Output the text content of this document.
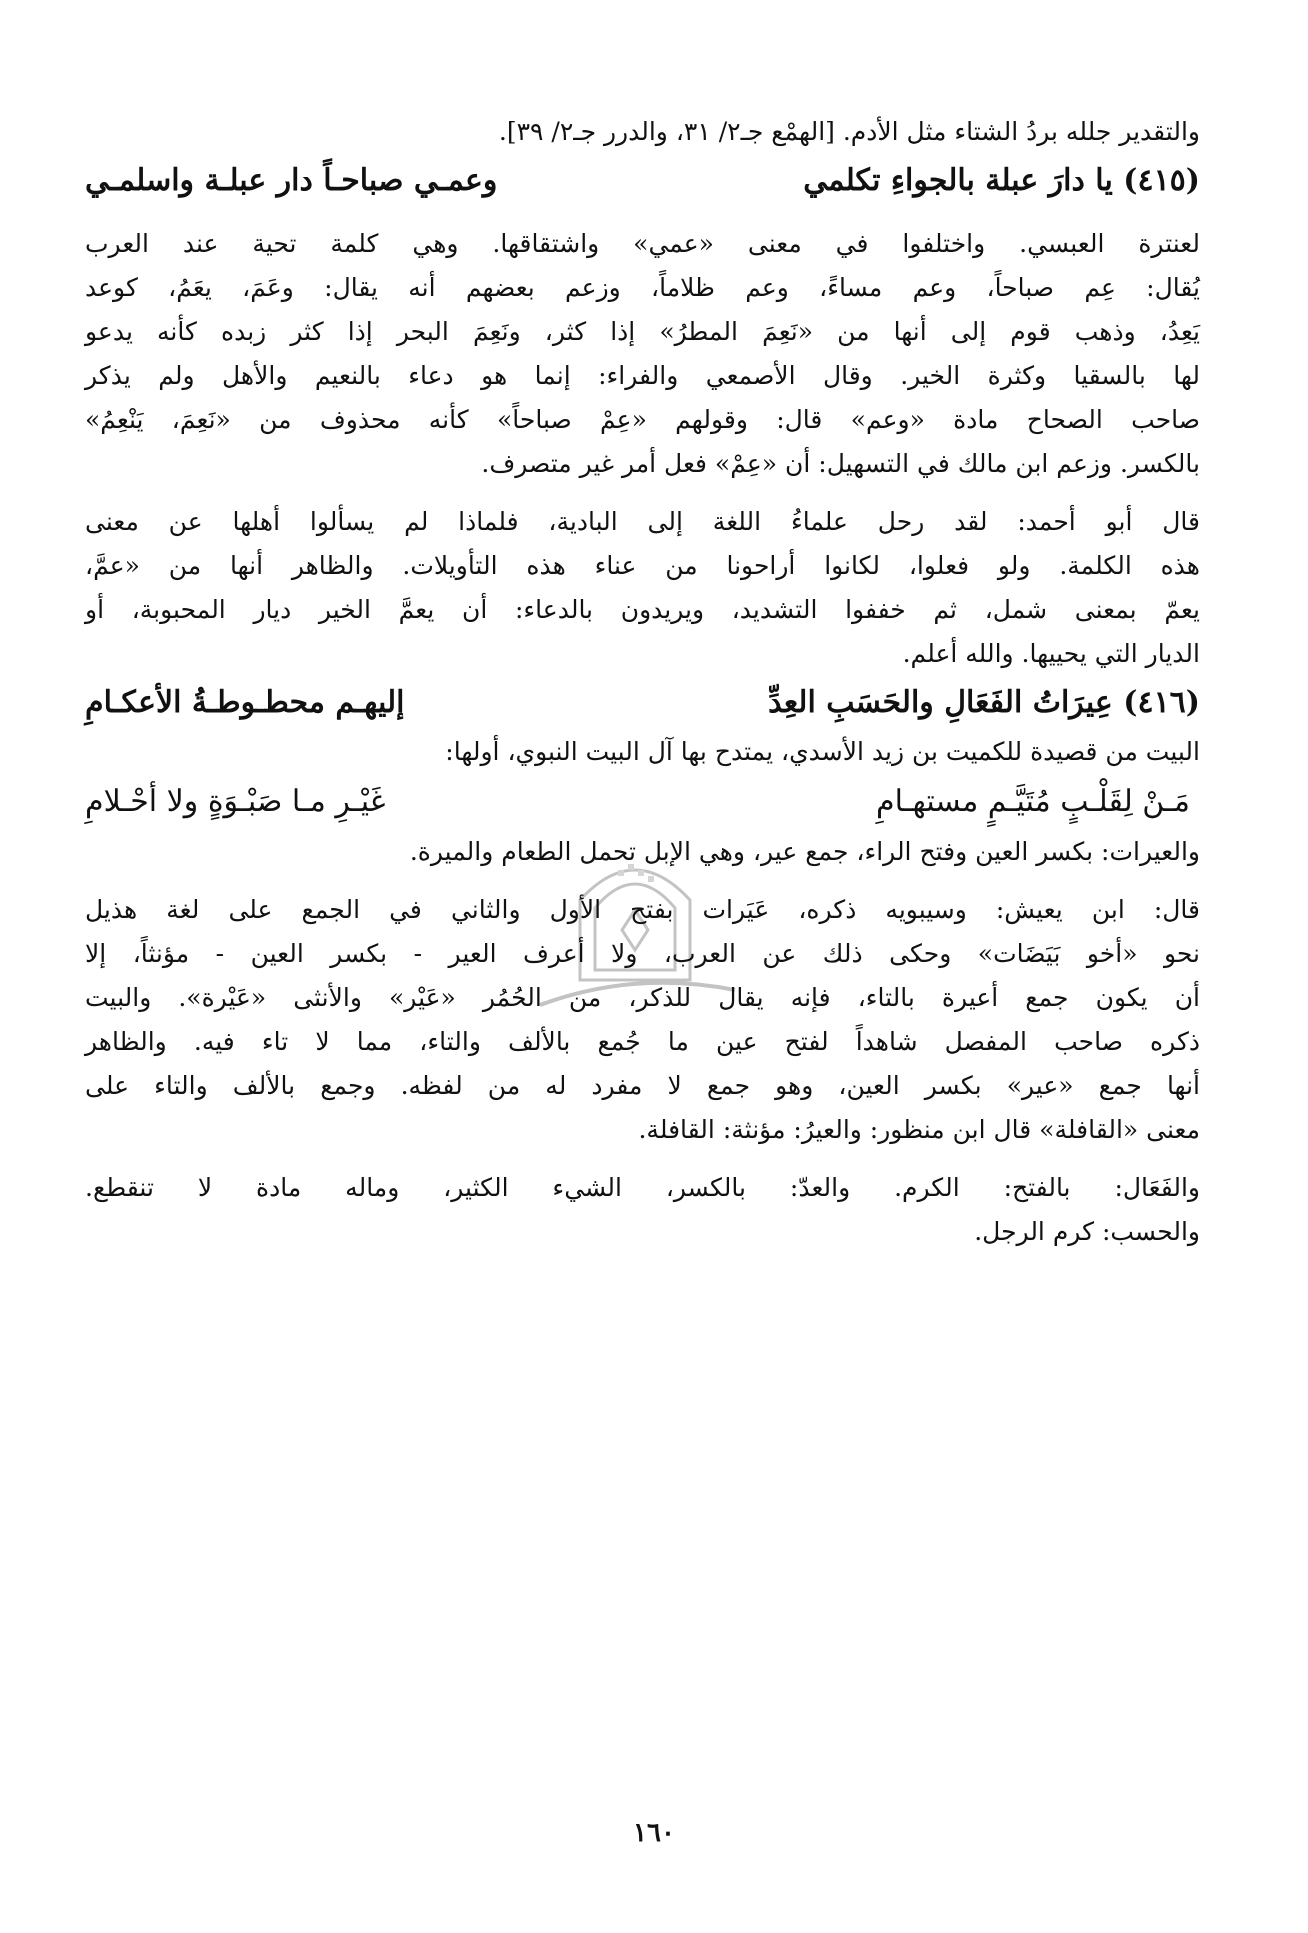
والتقدير جلله بردُ الشتاء مثل الأدم. [الهمْع جـ٢/ ٣١، والدرر جـ٢/ ٣٩].
(٤١٥) يا دارَ عبلة بالجواءِ تكلمي
وعمـي صباحـاً دار عبلـة واسلمـي
لعنترة العبسي. واختلفوا في معنى «عمي» واشتقاقها. وهي كلمة تحية عند العرب
يُقال: عِم صباحاً، وعم مساءً، وعم ظلاماً، وزعم بعضهم أنه يقال: وعَمَ، يعَمُ، كوعد
يَعِدُ، وذهب قوم إلى أنها من «نَعِمَ المطرُ» إذا كثر، ونَعِمَ البحر إذا كثر زبده كأنه يدعو
لها بالسقيا وكثرة الخير. وقال الأصمعي والفراء: إنما هو دعاء بالنعيم والأهل ولم يذكر
صاحب الصحاح مادة «وعم» قال: وقولهم «عِمْ صباحاً» كأنه محذوف من «نَعِمَ، يَنْعِمُ»
بالكسر. وزعم ابن مالك في التسهيل: أن «عِمْ» فعل أمر غير متصرف.
قال أبو أحمد: لقد رحل علماءُ اللغة إلى البادية، فلماذا لم يسألوا أهلها عن معنى
هذه الكلمة. ولو فعلوا، لكانوا أراحونا من عناء هذه التأويلات. والظاهر أنها من «عمَّ،
يعمّ بمعنى شمل، ثم خففوا التشديد، ويريدون بالدعاء: أن يعمَّ الخير ديار المحبوبة، أو
الديار التي يحييها. والله أعلم.
(٤١٦) عِيرَاتُ الفَعَالِ والحَسَبِ العِدِّ
إليهـم محطـوطـةُ الأعكـامِ
البيت من قصيدة للكميت بن زيد الأسدي، يمتدح بها آل البيت النبوي، أولها:
مَـنْ لِقَلْـبٍ مُتَيَّـمٍ مستهـامِ
غَيْـرِ مـا صَبْـوَةٍ ولا أحْـلامِ
والعيرات: بكسر العين وفتح الراء، جمع عير، وهي الإبل تحمل الطعام والميرة.
قال: ابن يعيش: وسيبويه ذكره، عَيَرات بفتح الأول والثاني في الجمع على لغة هذيل
نحو «أخو بَيَضَات» وحكى ذلك عن العرب، ولا أعرف العير - بكسر العين - مؤنثاً، إلا
أن يكون جمع أعيرة بالتاء، فإنه يقال للذكر، من الحُمُر «عَيْر» والأنثى «عَيْرة». والبيت
ذكره صاحب المفصل شاهداً لفتح عين ما جُمع بالألف والتاء، مما لا تاء فيه. والظاهر
أنها جمع «عير» بكسر العين، وهو جمع لا مفرد له من لفظه. وجمع بالألف والتاء على
معنى «القافلة» قال ابن منظور: والعيرُ: مؤنثة: القافلة.
والفَعَال: بالفتح: الكرم. والعدّ: بالكسر، الشيء الكثير، وماله مادة لا تنقطع.
والحسب: كرم الرجل.
١٦٠
